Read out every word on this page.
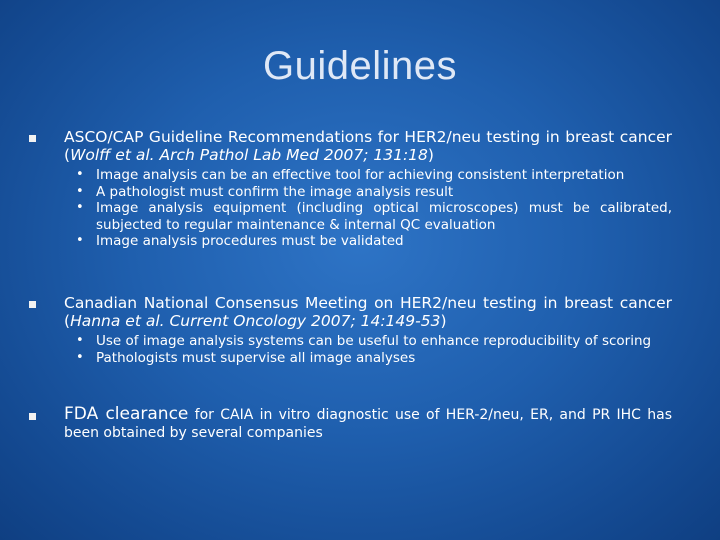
Guidelines
ASCO/CAP Guideline Recommendations for HER2/neu testing in breast cancer (Wolff et al. Arch Pathol Lab Med 2007; 131:18)
• Image analysis can be an effective tool for achieving consistent interpretation
• A pathologist must confirm the image analysis result
• Image analysis equipment (including optical microscopes) must be calibrated, subjected to regular maintenance & internal QC evaluation
• Image analysis procedures must be validated
Canadian National Consensus Meeting on HER2/neu testing in breast cancer (Hanna et al. Current Oncology 2007; 14:149-53)
• Use of image analysis systems can be useful to enhance reproducibility of scoring
• Pathologists must supervise all image analyses
FDA clearance for CAIA in vitro diagnostic use of HER-2/neu, ER, and PR IHC has been obtained by several companies
